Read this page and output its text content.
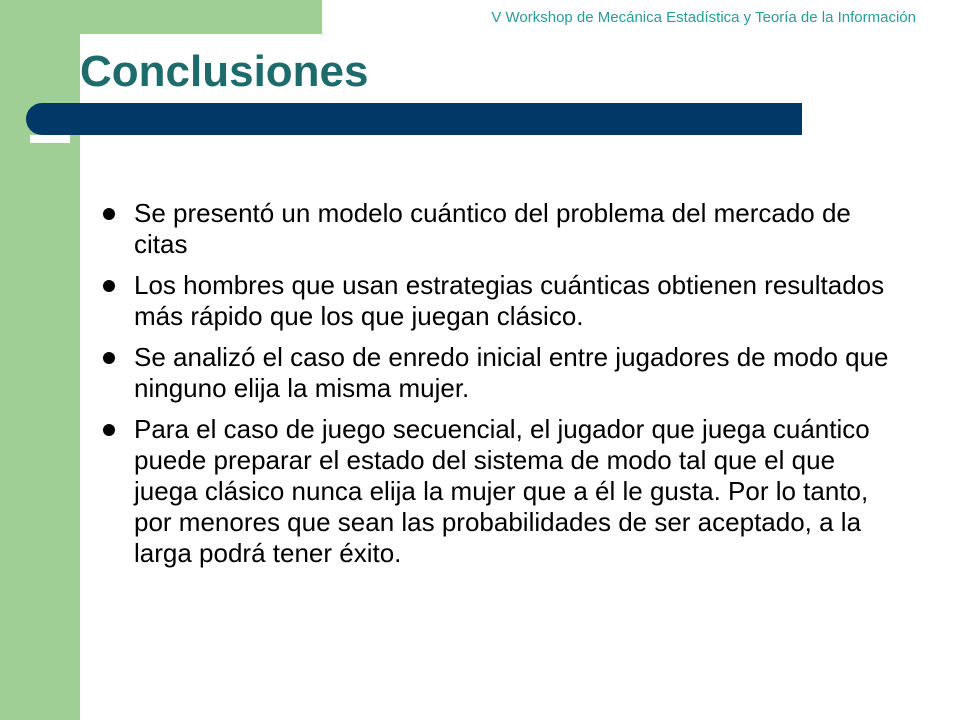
V Workshop de Mecánica Estadística y Teoría de la Información
Conclusiones
Se presentó un modelo cuántico del problema del mercado de citas
Los hombres que usan estrategias cuánticas obtienen resultados más rápido que los que juegan clásico.
Se analizó el caso de enredo inicial entre jugadores de modo que ninguno elija la misma mujer.
Para el caso de juego secuencial, el jugador que juega cuántico puede preparar el estado del sistema de modo tal que el que juega clásico nunca elija la mujer que a él le gusta. Por lo tanto, por menores que sean las probabilidades de ser aceptado, a la larga podrá tener éxito.
